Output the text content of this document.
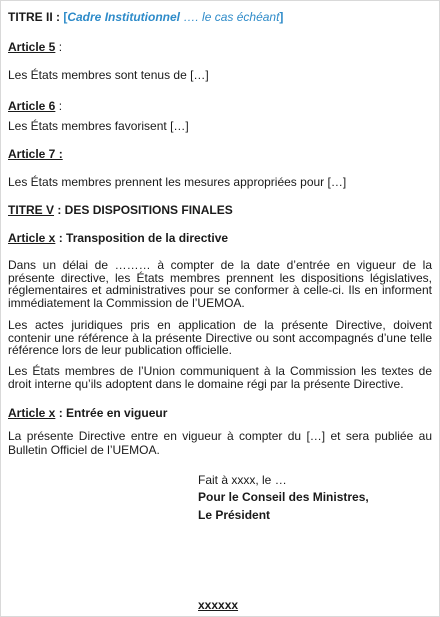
TITRE II : [Cadre Institutionnel …. le cas échéant]
Article 5 :
Les États membres sont tenus de […]
Article 6 :
Les États membres favorisent […]
Article 7 :
Les États membres prennent les mesures appropriées pour […]
TITRE V : DES DISPOSITIONS FINALES
Article x : Transposition de la directive
Dans un délai de ……… à compter de la date d’entrée en vigueur de la présente directive, les États membres prennent les dispositions législatives, réglementaires et administratives pour se conformer à celle-ci. Ils en informent immédiatement la Commission de l’UEMOA.
Les actes juridiques pris en application de la présente Directive, doivent contenir une référence à la présente Directive ou sont accompagnés d’une telle référence lors de leur publication officielle.
Les États membres de l’Union communiquent à la Commission les textes de droit interne qu’ils adoptent dans le domaine régi par la présente Directive.
Article x : Entrée en vigueur
La présente Directive entre en vigueur à compter du […] et sera publiée au Bulletin Officiel de l’UEMOA.
Fait à xxxx, le …
Pour le Conseil des Ministres,
Le Président
xxxxxx
